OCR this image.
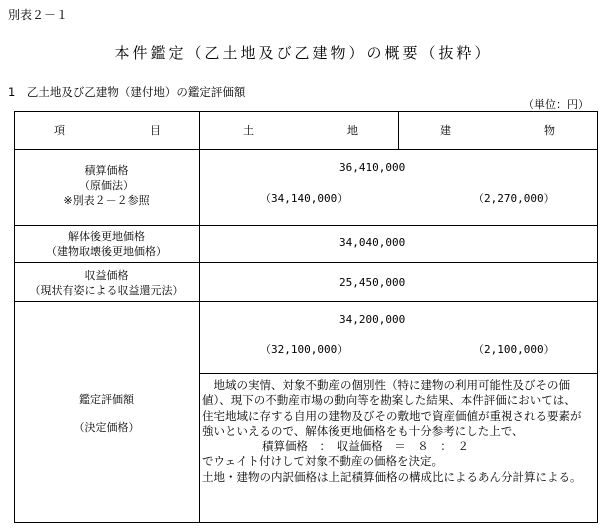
別表２－１
本件鑑定（乙土地及び乙建物）の概要（抜粋）
1　乙土地及び乙建物（建付地）の鑑定評価額
（単位：円）
項	目	土	地	建	物
積算価格
（原価法）
※別表２－２参照
36,410,000
（34,140,000）	（2,270,000）
解体後更地価格
（建物取壊後更地価格）
34,040,000
収益価格
（現状有姿による収益還元法）
25,450,000
鑑定評価額
（決定価格）
34,200,000
（32,100,000）	（2,100,000）

　地域の実情、対象不動産の個別性（特に建物の利用可能性及びその価値）、現下の不動産市場の動向等を勘案した結果、本件評価においては、住宅地域に存する自用の建物及びその敷地で資産価値が重視される要素が強いといえるので、解体後更地価格をも十分参考にした上で、

積算価格　：　収益価格　＝　８　：　２

でウェイト付けして対象不動産の価格を決定。

土地・建物の内訳価格は上記積算価格の構成比によるあん分計算による。
